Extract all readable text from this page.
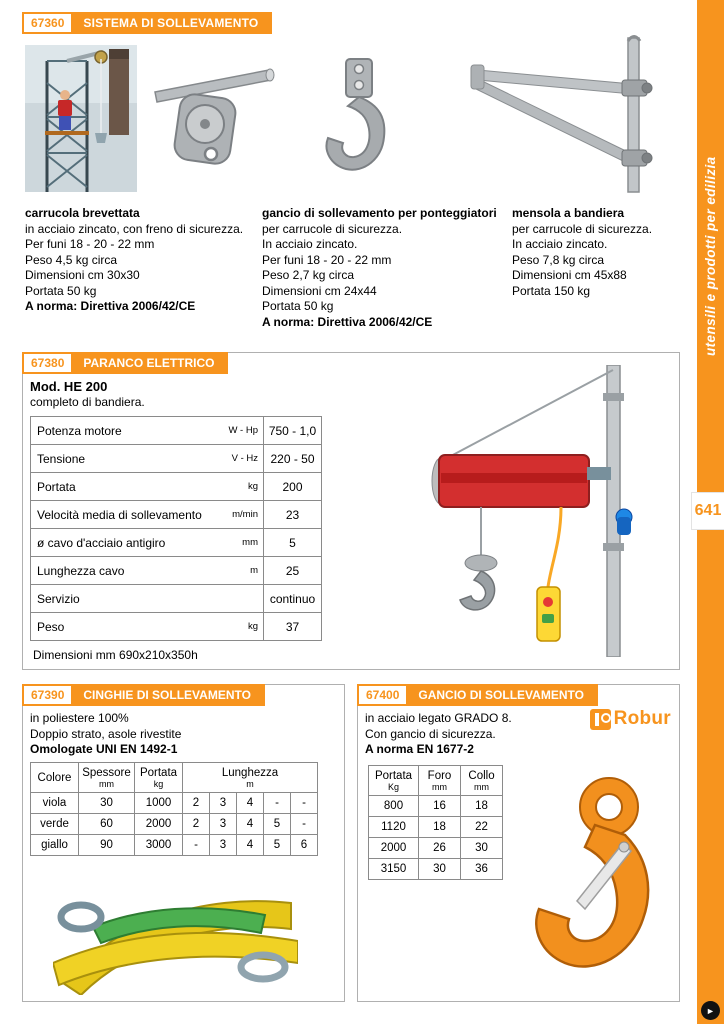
67360	SISTEMA DI SOLLEVAMENTO
carrucola brevettata
in acciaio zincato, con freno di sicurezza.
Per funi 18 - 20 - 22 mm
Peso 4,5 kg circa
Dimensioni cm 30x30
Portata 50 kg
A norma: Direttiva 2006/42/CE
gancio di sollevamento per ponteggiatori
per carrucole di sicurezza.
In acciaio zincato.
Per funi 18 - 20 - 22 mm
Peso 2,7 kg circa
Dimensioni cm 24x44
Portata 50 kg
A norma: Direttiva 2006/42/CE
mensola a bandiera
per carrucole di sicurezza.
In acciaio zincato.
Peso 7,8 kg circa
Dimensioni cm 45x88
Portata 150 kg
67380	PARANCO ELETTRICO
Mod. HE 200
completo di bandiera.
Potenza motore	W - Hp	750 - 1,0
Tensione	V - Hz	220 - 50
Portata	kg	200
Velocità media di sollevamento	m/min	23
ø cavo d'acciaio antigiro	mm	5
Lunghezza cavo	m	25
Servizio		continuo
Peso	kg	37
Dimensioni mm 690x210x350h
67390	CINGHIE DI SOLLEVAMENTO
in poliestere 100%
Doppio strato, asole rivestite
Omologate UNI EN 1492-1
Colore	Spessore
mm

Portata
kg

Lunghezza
m

viola	30	1000	2	3	4	-	-
verde	60	2000	2	3	4	5	-
giallo	90	3000	-	3	4	5	6
67400	GANCIO DI SOLLEVAMENTO
in acciaio legato GRADO 8.
Con gancio di sicurezza.
A norma EN 1677-2
Robur
Portata
Kg

Foro
mm

Collo
mm

800	16	18
1120	18	22
2000	26	30
3150	30	36
utensili e prodotti per edilizia
641
►
